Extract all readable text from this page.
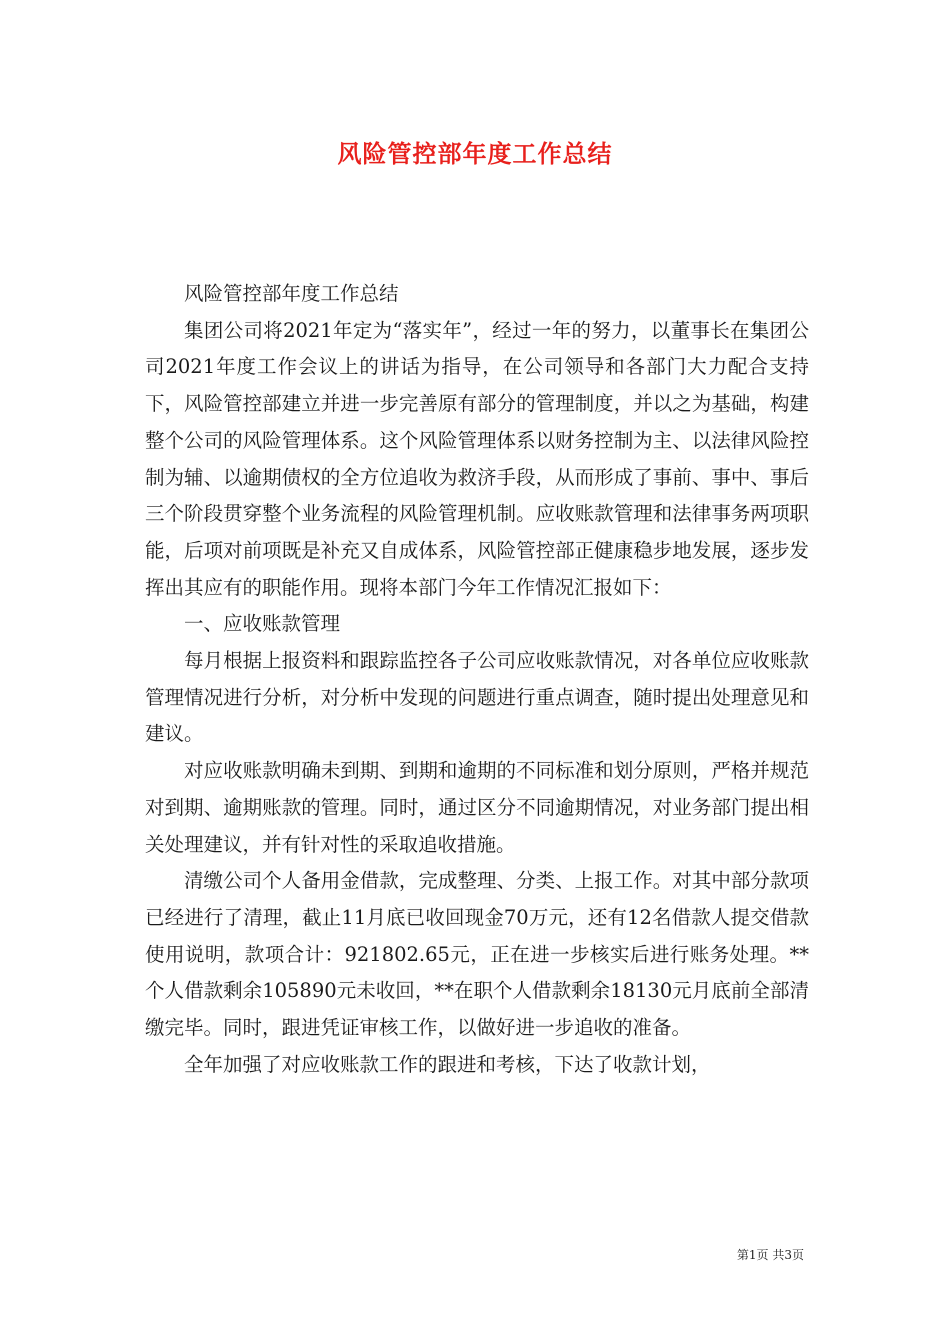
风险管控部年度工作总结

风险管控部年度工作总结

集团公司将2021年定为“落实年”，经过一年的努力，以董事长在集团公司2021年度工作会议上的讲话为指导，在公司领导和各部门大力配合支持下，风险管控部建立并进一步完善原有部分的管理制度，并以之为基础，构建整个公司的风险管理体系。这个风险管理体系以财务控制为主、以法律风险控制为辅、以逾期债权的全方位追收为救济手段，从而形成了事前、事中、事后三个阶段贯穿整个业务流程的风险管理机制。应收账款管理和法律事务两项职能，后项对前项既是补充又自成体系，风险管控部正健康稳步地发展，逐步发挥出其应有的职能作用。现将本部门今年工作情况汇报如下：

一、应收账款管理

每月根据上报资料和跟踪监控各子公司应收账款情况，对各单位应收账款管理情况进行分析，对分析中发现的问题进行重点调查，随时提出处理意见和建议。

对应收账款明确未到期、到期和逾期的不同标准和划分原则，严格并规范对到期、逾期账款的管理。同时，通过区分不同逾期情况，对业务部门提出相关处理建议，并有针对性的采取追收措施。

清缴公司个人备用金借款，完成整理、分类、上报工作。对其中部分款项已经进行了清理，截止11月底已收回现金70万元，还有12名借款人提交借款使用说明，款项合计：921802.65元，正在进一步核实后进行账务处理。**个人借款剩余105890元未收回，**在职个人借款剩余18130元月底前全部清缴完毕。同时，跟进凭证审核工作，以做好进一步追收的准备。

全年加强了对应收账款工作的跟进和考核，下达了收款计划，

第1页 共3页
